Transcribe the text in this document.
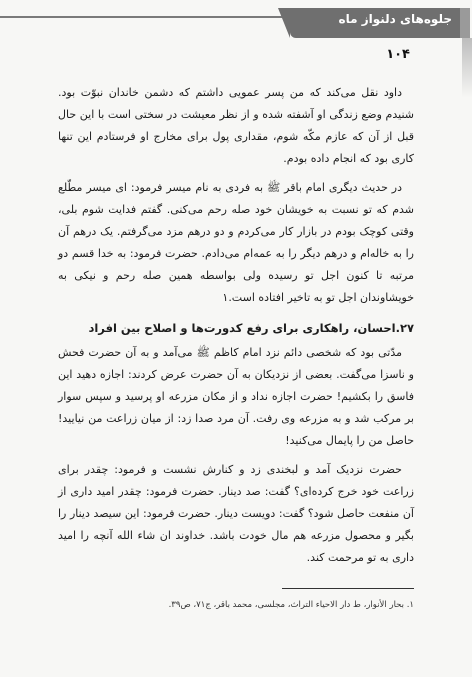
جلوه‌های دلنواز ماه
۱۰۴

داود نقل می‌کند که من پسر عمویی داشتم که دشمن خاندان نبوّت بود. شنیدم وضع زندگی او آشفته شده و از نظر معیشت در سختی است با این حال قبل از آن که عازم مکّه شوم، مقداری پول برای مخارج او فرستادم این تنها کاری بود که انجام داده بودم.

در حدیث دیگری امام باقر ﷺ به فردی به نام میسر فرمود: ای میسر مطّلع شدم که تو نسبت به خویشان خود صله رحم می‌کنی. گفتم فدایت شوم بلی، وقتی کوچک بودم در بازار کار می‌کردم و دو درهم مزد می‌گرفتم. یک درهم آن را به خاله‌ام و درهم دیگر را به عمه‌ام می‌دادم. حضرت فرمود: به خدا قسم دو مرتبه تا کنون اجل تو رسیده ولی بواسطه همین صله رحم و نیکی به خویشاوندان اجل تو به تاخیر افتاده است.۱

۲۷.احسان، راهکاری برای رفع کدورت‌ها و اصلاح بین افراد

مدّتی بود که شخصی دائم نزد امام کاظم ﷺ می‌آمد و به آن حضرت فحش و ناسزا می‌گفت. بعضی از نزدیکان به آن حضرت عرض کردند: اجازه دهید این فاسق را بکشیم! حضرت اجازه نداد و از مکان مزرعه او پرسید و سپس سوار بر مرکب شد و به مزرعه وی رفت. آن مرد صدا زد: از میان زراعت من نیایید! حاصل من را پایمال می‌کنید!

حضرت نزدیک آمد و لبخندی زد و کنارش نشست و فرمود: چقدر برای زراعت خود خرج کرده‌ای؟ گفت: صد دینار. حضرت فرمود: چقدر امید داری از آن منفعت حاصل شود؟ گفت: دویست دینار. حضرت فرمود: این سیصد دینار را بگیر و محصول مزرعه هم مال خودت باشد. خداوند ان شاء الله آنچه را امید داری به تو مرحمت کند.

۱. بحار الأنوار، ط دار الاحیاء التراث، مجلسی، محمد باقر، ج۷۱، ص۳۹.
